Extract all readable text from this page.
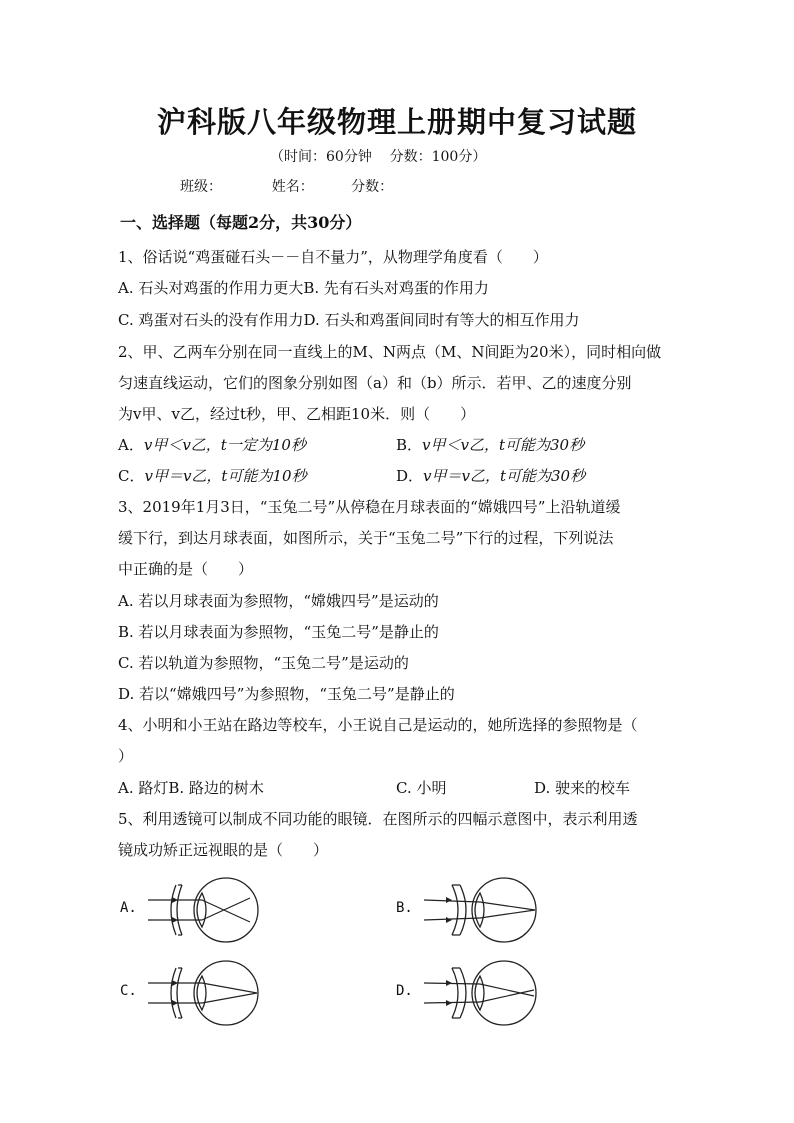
沪科版八年级物理上册期中复习试题
（时间：60分钟    分数：100分）
班级：    姓名：   分数：
一、选择题（每题2分，共30分）
1、俗话说“鸡蛋碰石头－－自不量力”，从物理学角度看（　　）
A. 石头对鸡蛋的作用力更大B. 先有石头对鸡蛋的作用力
C. 鸡蛋对石头的没有作用力D. 石头和鸡蛋间同时有等大的相互作用力
2、甲、乙两车分别在同一直线上的M、N两点（M、N间距为20米），同时相向做
匀速直线运动，它们的图象分别如图（a）和（b）所示．若甲、乙的速度分别
为v甲、v乙，经过t秒，甲、乙相距10米．则（　　）
A．v甲＜v乙，t一定为10秒	B．v甲＜v乙，t可能为30秒
C．v甲＝v乙，t可能为10秒	D．v甲＝v乙，t可能为30秒
3、2019年1月3日，“玉兔二号”从停稳在月球表面的“嫦娥四号”上沿轨道缓
缓下行，到达月球表面，如图所示，关于“玉兔二号”下行的过程，下列说法
中正确的是（　　）
A. 若以月球表面为参照物，“嫦娥四号”是运动的
B. 若以月球表面为参照物，“玉兔二号”是静止的
C. 若以轨道为参照物，“玉兔二号”是运动的
D. 若以“嫦娥四号”为参照物，“玉兔二号”是静止的
4、小明和小王站在路边等校车，小王说自己是运动的，她所选择的参照物是（
）
A. 路灯B. 路边的树木	C. 小明	D. 驶来的校车
5、利用透镜可以制成不同功能的眼镜．在图所示的四幅示意图中，表示利用透
镜成功矫正远视眼的是（　　）
A.	B.
C.	D.
